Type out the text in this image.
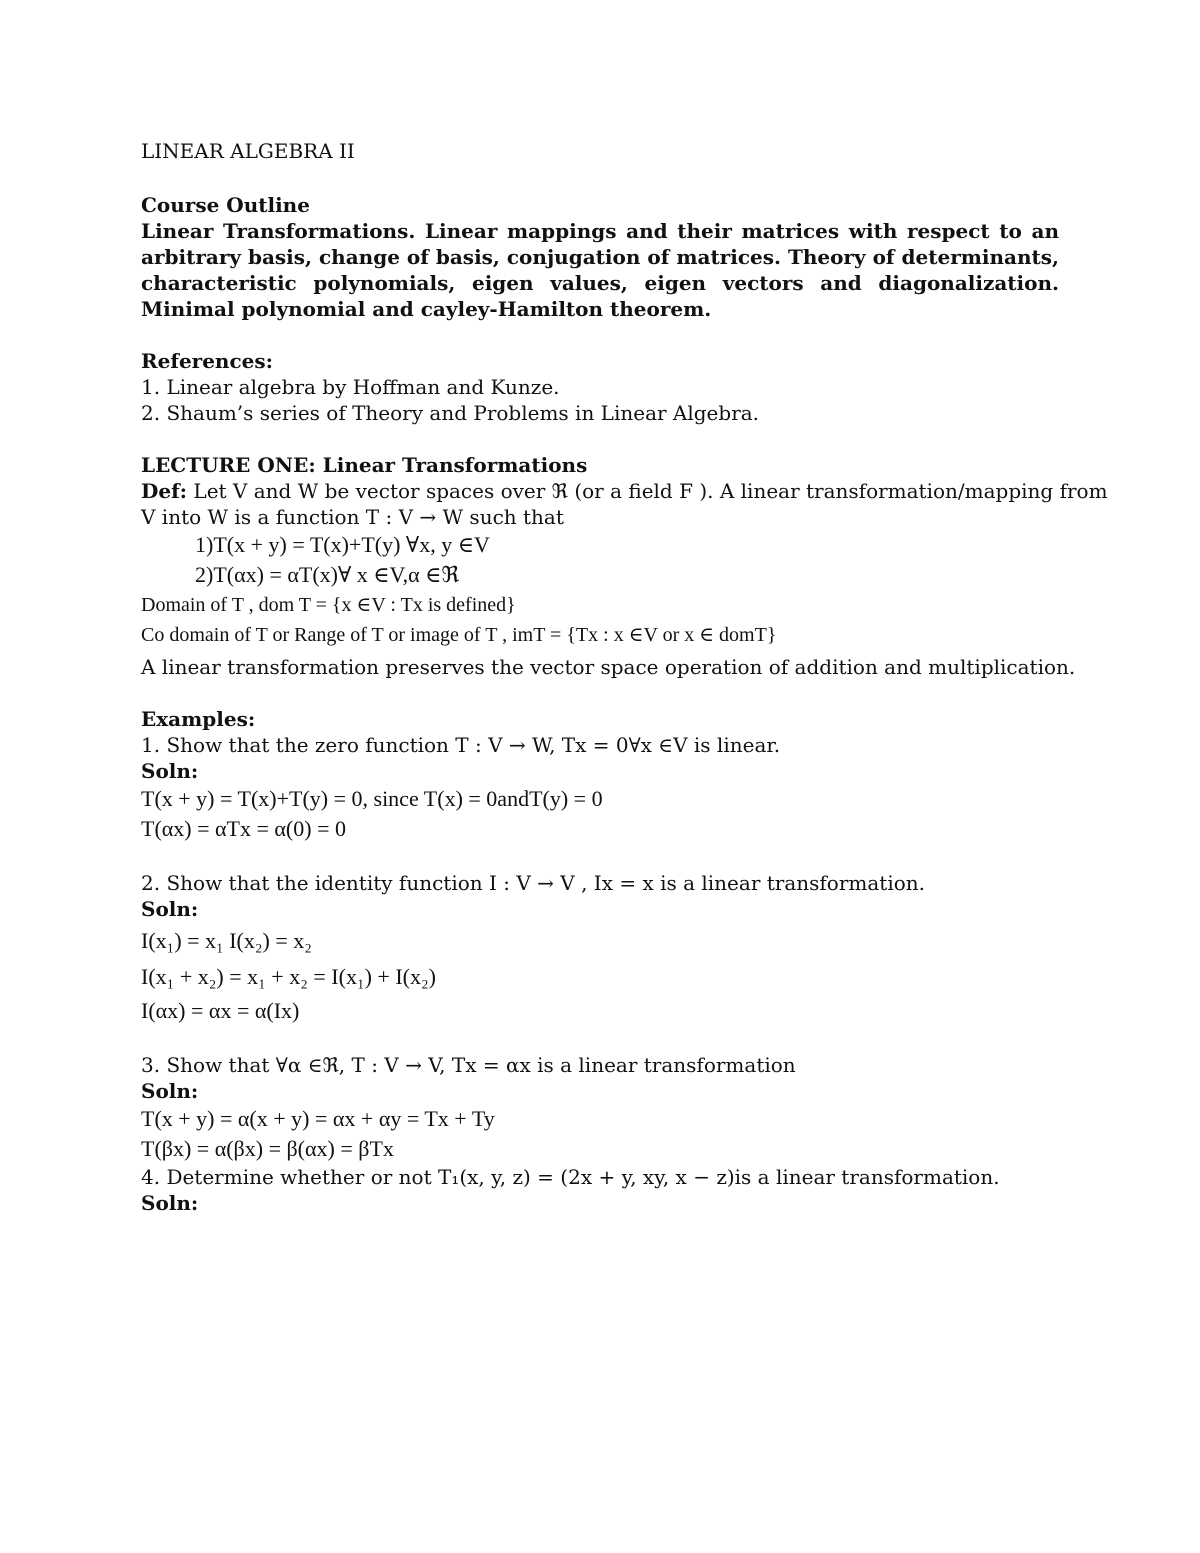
LINEAR ALGEBRA II
Course Outline
Linear Transformations. Linear mappings and their matrices with respect to an arbitrary basis, change of basis, conjugation of matrices. Theory of determinants, characteristic polynomials, eigen values, eigen vectors and diagonalization. Minimal polynomial and cayley-Hamilton theorem.
References:
1. Linear algebra by Hoffman and Kunze.
2. Shaum’s series of Theory and Problems in Linear Algebra.
LECTURE ONE: Linear Transformations
Def: Let V and W be vector spaces over ℜ (or a field F ). A linear transformation/mapping from
V into W is a function T : V → W such that
1)T(x + y) = T(x)+T(y) ∀x, y ∈V
2)T(αx) = αT(x)∀ x ∈V,α ∈ℜ
Domain of T , dom T = {x ∈V : Tx is defined}
Co domain of T or Range of T or image of T , imT = {Tx : x ∈V or x ∈ domT}
A linear transformation preserves the vector space operation of addition and multiplication.
Examples:
1. Show that the zero function T : V → W, Tx = 0∀x ∈V is linear.
Soln:
T(x + y) = T(x)+T(y) = 0, since T(x) = 0andT(y) = 0
T(αx) = αTx = α(0) = 0
2. Show that the identity function I : V → V , Ix = x is a linear transformation.
Soln:
I(x₁) = x₁ I(x₂) = x₂
I(x₁ + x₂) = x₁ + x₂ = I(x₁) + I(x₂)
I(αx) = αx = α(Ix)
3. Show that ∀α ∈ℜ, T : V → V, Tx = αx is a linear transformation
Soln:
T(x + y) = α(x + y) = αx + αy = Tx + Ty
T(βx) = α(βx) = β(αx) = βTx
4. Determine whether or not T₁(x, y, z) = (2x + y, xy, x − z)is a linear transformation.
Soln:
